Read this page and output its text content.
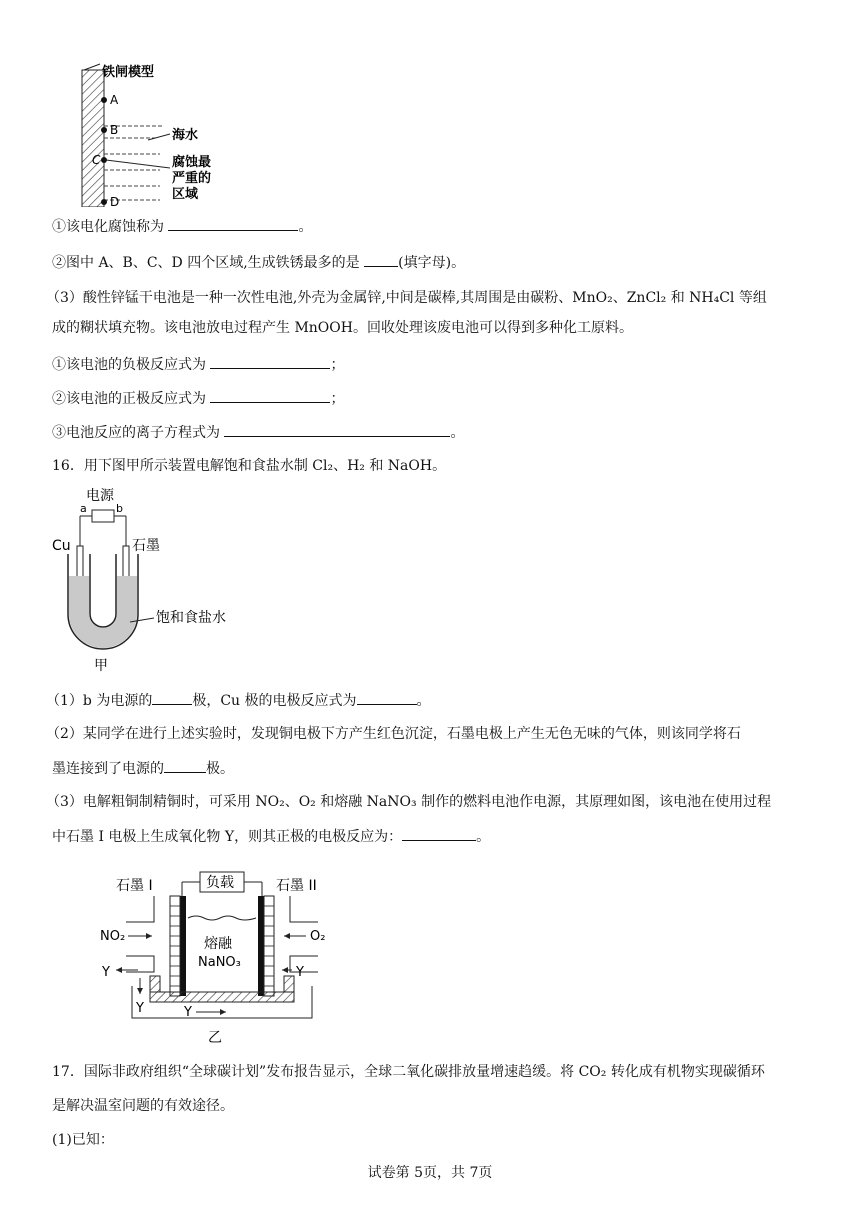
A
B
C
D
铁闸模型
海水
腐蚀最
严重的
区域
①该电化腐蚀称为	。
②图中 A、B、C、D 四个区域,生成铁锈最多的是	(填字母)。
（3）酸性锌锰干电池是一种一次性电池,外壳为金属锌,中间是碳棒,其周围是由碳粉、MnO₂、ZnCl₂ 和 NH₄Cl 等组
成的糊状填充物。该电池放电过程产生 MnOOH。回收处理该废电池可以得到多种化工原料。
①该电池的负极反应式为	；
②该电池的正极反应式为	；
③电池反应的离子方程式为	。
16．用下图甲所示装置电解饱和食盐水制 Cl₂、H₂ 和 NaOH。
电源
a	b
Cu	石墨
饱和食盐水
甲
（1）b 为电源的	极，Cu 极的电极反应式为	。
（2）某同学在进行上述实验时，发现铜电极下方产生红色沉淀，石墨电极上产生无色无味的气体，则该同学将石
墨连接到了电源的	极。
（3）电解粗铜制精铜时，可采用 NO₂、O₂ 和熔融 NaNO₃ 制作的燃料电池作电源，其原理如图，该电池在使用过程
中石墨 I 电极上生成氧化物 Y，则其正极的电极反应为：	。
石墨 I	石墨 II
负载
熔融
NaNO₃
NO₂	O₂
Y	Y
Y	Y
乙
17．国际非政府组织“全球碳计划”发布报告显示，全球二氧化碳排放量增速趋缓。将 CO₂ 转化成有机物实现碳循环
是解决温室问题的有效途径。
(1)已知：
试卷第 5页，共 7页
